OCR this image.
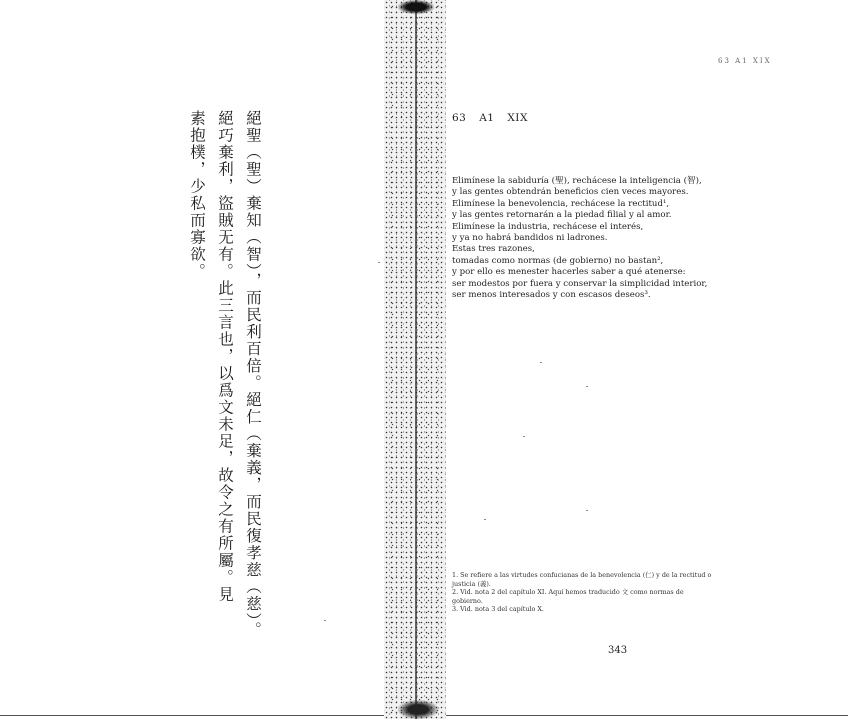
絕聖（聖）棄知（智），而民利百倍。絕仁（棄義，而民復孝慈（慈）。
絕巧棄利，盜賊无有。此三言也，以爲文未足，故令之有所屬。見
素抱樸，少私而寡欲。
63 A1 XIX
63 A1 XIX
Elimínese la sabiduría (聖), rechácese la inteligencia (智),
y las gentes obtendrán beneficios cien veces mayores.
Elimínese la benevolencia, rechácese la rectitud¹,
y las gentes retornarán a la piedad filial y al amor.
Elimínese la industria, rechácese el interés,
y ya no habrá bandidos ni ladrones.
Estas tres razones,
tomadas como normas (de gobierno) no bastan²,
y por ello es menester hacerles saber a qué atenerse:
ser modestos por fuera y conservar la simplicidad interior,
ser menos interesados y con escasos deseos³.
1. Se refiere a las virtudes confucianas de la benevolencia (仁) y de la rectitud o
justicia (義).
2. Vid. nota 2 del capítulo XI. Aquí hemos traducido 文 como normas de
gobierno.
3. Vid. nota 3 del capítulo X.
343
